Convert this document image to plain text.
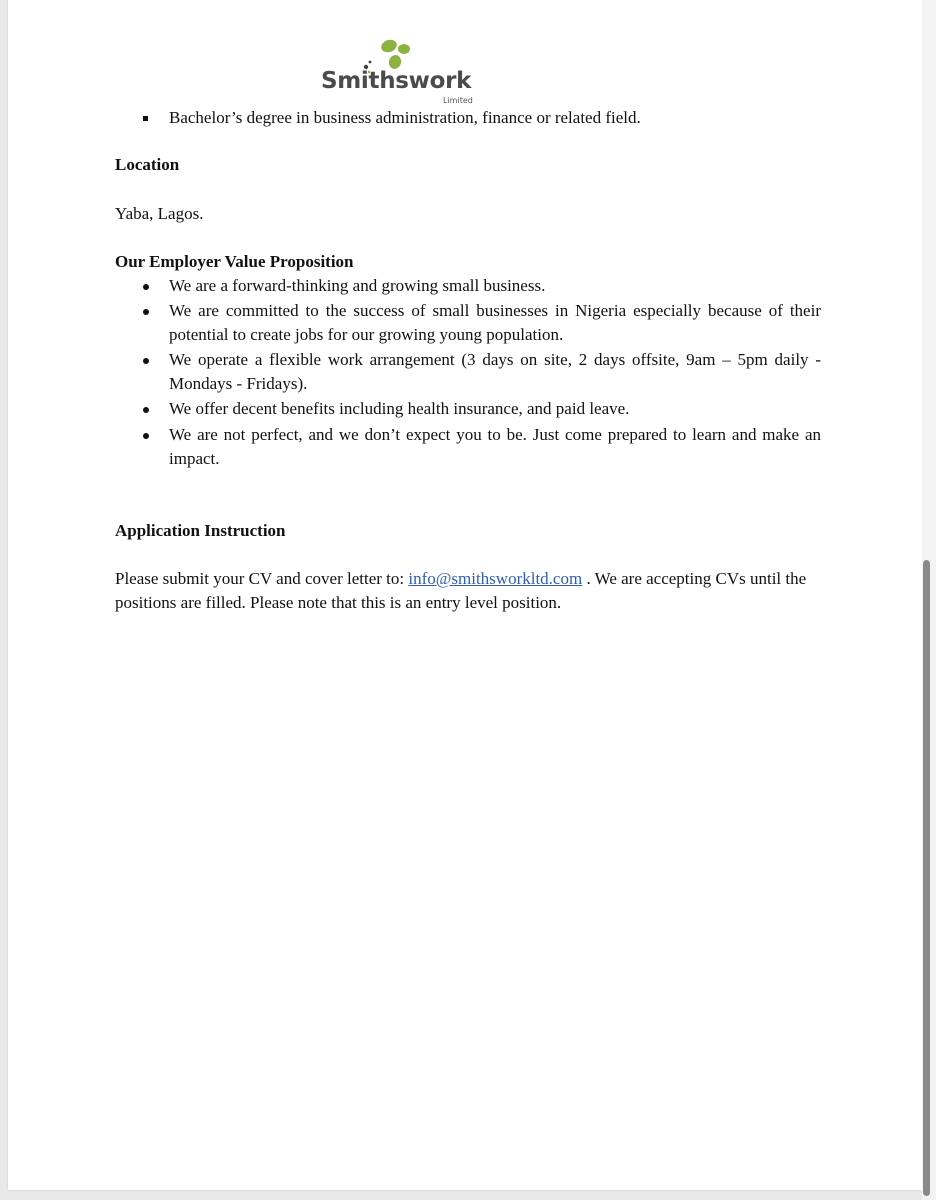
Smithswork
Limited
Bachelor’s degree in business administration, finance or related field.
Location
Yaba, Lagos.
Our Employer Value Proposition
We are a forward-thinking and growing small business.
We are committed to the success of small businesses in Nigeria especially because of their potential to create jobs for our growing young population.
We operate a flexible work arrangement (3 days on site, 2 days offsite, 9am – 5pm daily - Mondays - Fridays).
We offer decent benefits including health insurance, and paid leave.
We are not perfect, and we don’t expect you to be. Just come prepared to learn and make an impact.
Application Instruction
Please submit your CV and cover letter to: info@smithsworkltd.com . We are accepting CVs until the positions are filled. Please note that this is an entry level position.
